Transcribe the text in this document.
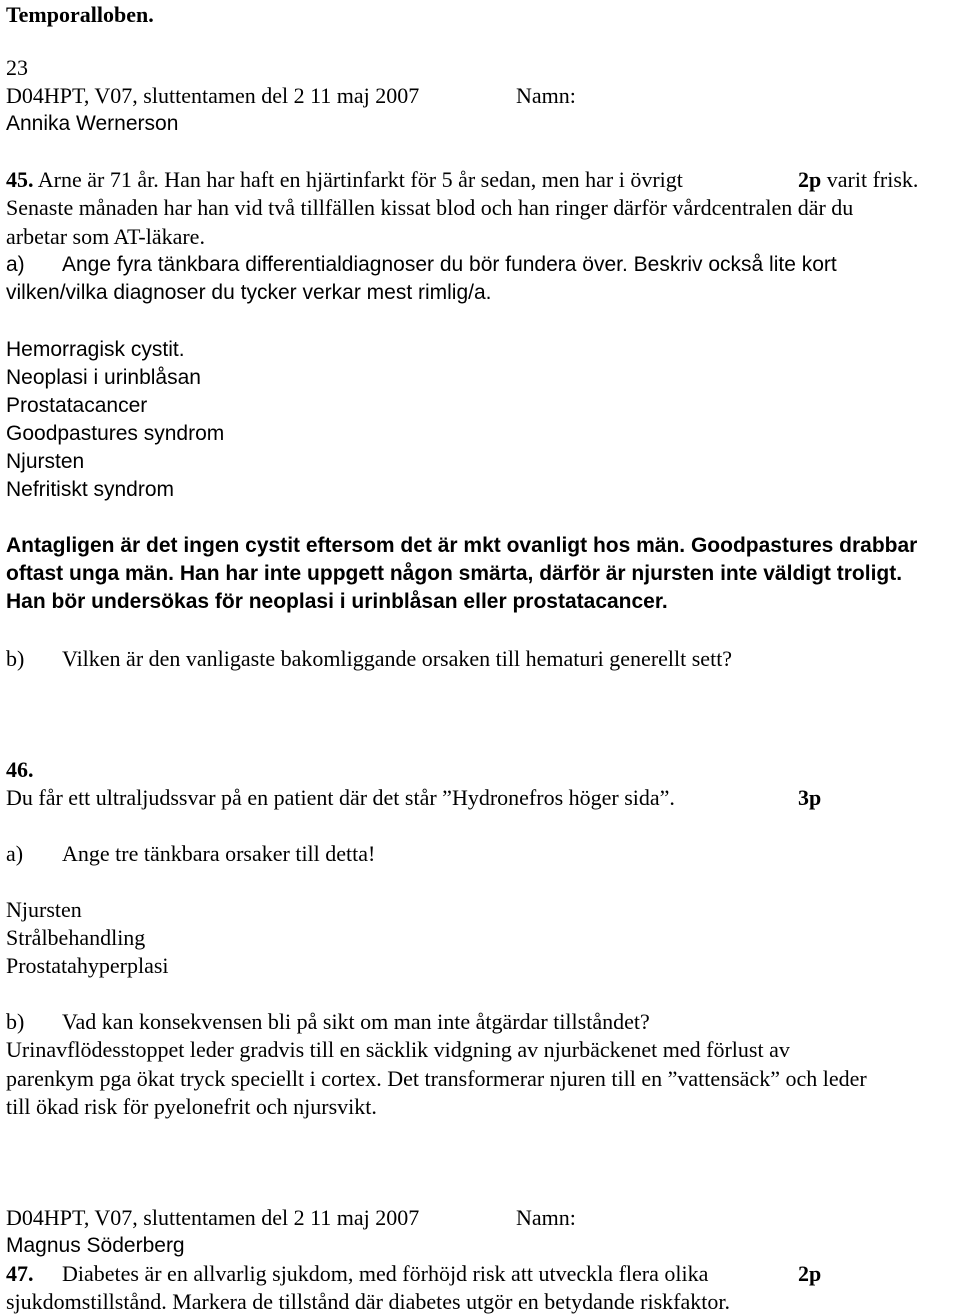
Temporalloben.
23
D04HPT, V07, sluttentamen del 2 11 maj 2007	Namn:
Annika Wernerson
45. Arne är 71 år. Han har haft en hjärtinfarkt för 5 år sedan, men har i övrigt	2p varit frisk.
Senaste månaden har han vid två tillfällen kissat blod och han ringer därför vårdcentralen där du
arbetar som AT-läkare.
a) Ange fyra tänkbara differentialdiagnoser du bör fundera över. Beskriv också lite kort
vilken/vilka diagnoser du tycker verkar mest rimlig/a.
Hemorragisk cystit.
Neoplasi i urinblåsan
Prostatacancer
Goodpastures syndrom
Njursten
Nefritiskt syndrom
Antagligen är det ingen cystit eftersom det är mkt ovanligt hos män. Goodpastures drabbar
oftast unga män. Han har inte uppgett någon smärta, därför är njursten inte väldigt troligt.
Han bör undersökas för neoplasi i urinblåsan eller prostatacancer.
b) Vilken är den vanligaste bakomliggande orsaken till hematuri generellt sett?
46.
Du får ett ultraljudssvar på en patient där det står ”Hydronefros höger sida”.	3p
a) Ange tre tänkbara orsaker till detta!
Njursten
Strålbehandling
Prostatahyperplasi
b) Vad kan konsekvensen bli på sikt om man inte åtgärdar tillståndet?
Urinavflödesstoppet leder gradvis till en säcklik vidgning av njurbäckenet med förlust av
parenkym pga ökat tryck speciellt i cortex. Det transformerar njuren till en ”vattensäck” och leder
till ökad risk för pyelonefrit och njursvikt.
D04HPT, V07, sluttentamen del 2 11 maj 2007	Namn:
Magnus Söderberg
47. Diabetes är en allvarlig sjukdom, med förhöjd risk att utveckla flera olika	2p
sjukdomstillstånd. Markera de tillstånd där diabetes utgör en betydande riskfaktor.
